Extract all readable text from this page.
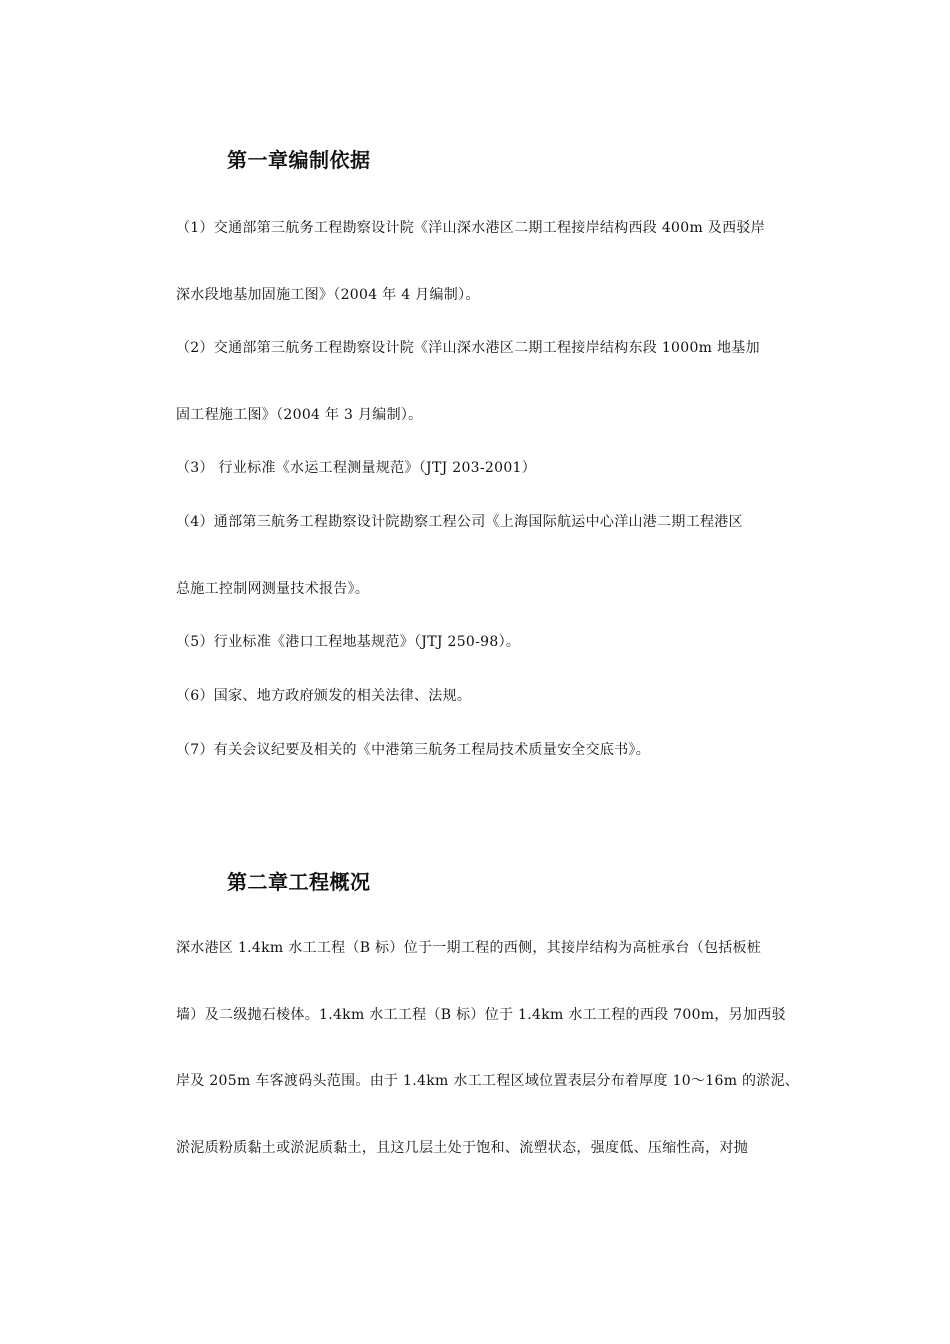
第一章编制依据

（1）交通部第三航务工程勘察设计院《洋山深水港区二期工程接岸结构西段 400m 及西驳岸

深水段地基加固施工图》（2004 年 4 月编制）。

（2）交通部第三航务工程勘察设计院《洋山深水港区二期工程接岸结构东段 1000m 地基加

固工程施工图》（2004 年 3 月编制）。

（3） 行业标准《水运工程测量规范》（JTJ 203-2001）

（4）通部第三航务工程勘察设计院勘察工程公司《上海国际航运中心洋山港二期工程港区

总施工控制网测量技术报告》。

（5）行业标准《港口工程地基规范》（JTJ 250-98）。

（6）国家、地方政府颁发的相关法律、法规。

（7）有关会议纪要及相关的《中港第三航务工程局技术质量安全交底书》。

第二章工程概况

深水港区 1.4km 水工工程（B 标）位于一期工程的西侧，其接岸结构为高桩承台（包括板桩

墙）及二级抛石棱体。1.4km 水工工程（B 标）位于 1.4km 水工工程的西段 700m，另加西驳

岸及 205m 车客渡码头范围。由于 1.4km 水工工程区域位置表层分布着厚度 10～16m 的淤泥、

淤泥质粉质黏土或淤泥质黏土，且这几层土处于饱和、流塑状态，强度低、压缩性高，对抛
